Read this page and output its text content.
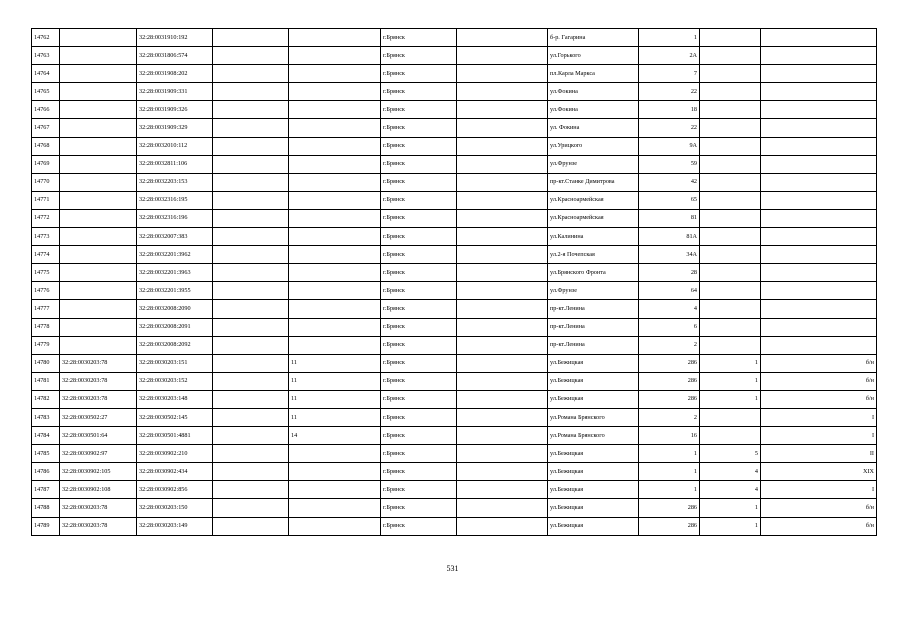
14762		32:28:0031910:192			г.Брянск		б-р. Гагарина	1		
14763		32:28:0031806:574			г.Брянск		ул.Горького	2А		
14764		32:28:0031908:202			г.Брянск		пл.Карла Маркса	7		
14765		32:28:0031909:331			г.Брянск		ул.Фокина	22		
14766		32:28:0031909:326			г.Брянск		ул.Фокина	18		
14767		32:28:0031909:329			г.Брянск		ул. Фокина	22		
14768		32:28:0032010:112			г.Брянск		ул.Урицкого	9А		
14769		32:28:0032811:106			г.Брянск		ул.Фрунзе	59		
14770		32:28:0032203:153			г.Брянск		пр-кт.Станке Димитрова	42		
14771		32:28:0032316:195			г.Брянск		ул.Красноармейская	65		
14772		32:28:0032316:196			г.Брянск		ул.Красноармейская	81		
14773		32:28:0032007:383			г.Брянск		ул.Калинина	81А		
14774		32:28:0032201:3962			г.Брянск		ул.2-я Почепская	34А		
14775		32:28:0032201:3963			г.Брянск		ул.Брянского Фронта	28		
14776		32:28:0032201:3955			г.Брянск		ул.Фрунзе	64		
14777		32:28:0032008:2090			г.Брянск		пр-кт.Ленина	4		
14778		32:28:0032008:2091			г.Брянск		пр-кт.Ленина	6		
14779		32:28:0032008:2092			г.Брянск		пр-кт.Ленина	2		
14780	32:28:0030203:78	32:28:0030203:151		11	г.Брянск		ул.Бежицкая	286	1	б/н
14781	32:28:0030203:78	32:28:0030203:152		11	г.Брянск		ул.Бежицкая	286	1	б/н
14782	32:28:0030203:78	32:28:0030203:148		11	г.Брянск		ул.Бежицкая	286	1	б/н
14783	32:28:0030502:27	32:28:0030502:145		11	г.Брянск		ул.Романа Брянского	2		I
14784	32:28:0030501:64	32:28:0030501:4881		14	г.Брянск		ул.Романа Брянского	16		I
14785	32:28:0030902:97	32:28:0030902:210			г.Брянск		ул.Бежицкая	1	5	II
14786	32:28:0030902:105	32:28:0030902:434			г.Брянск		ул.Бежицкая	1	4	XIX
14787	32:28:0030902:108	32:28:0030902:856			г.Брянск		ул.Бежицкая	1	4	I
14788	32:28:0030203:78	32:28:0030203:150			г.Брянск		ул.Бежицкая	286	1	б/н
14789	32:28:0030203:78	32:28:0030203:149			г.Брянск		ул.Бежицкая	286	1	б/н
531
